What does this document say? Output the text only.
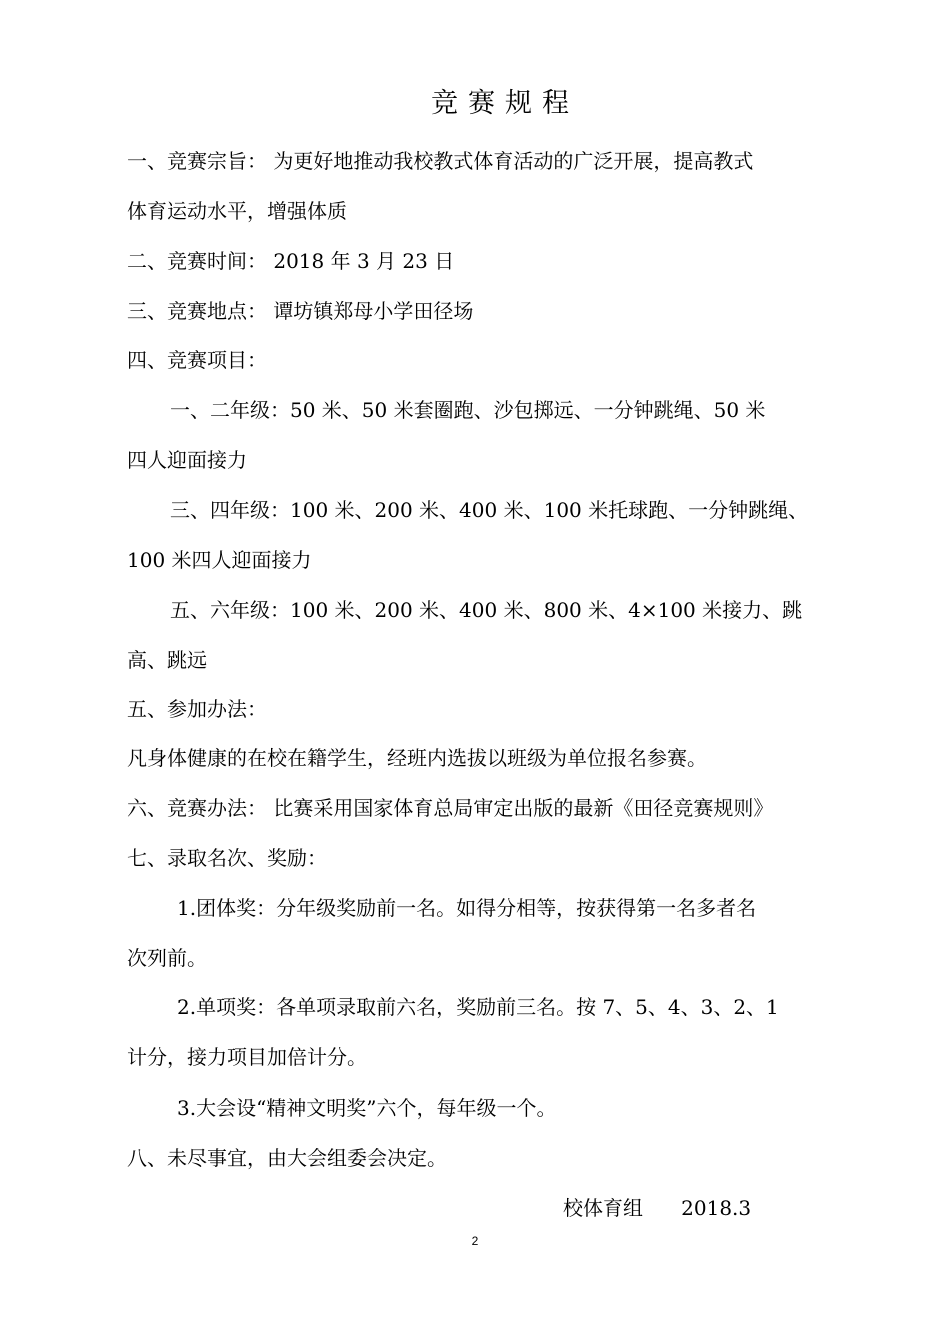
竞赛规程
一、竞赛宗旨： 为更好地推动我校教式体育活动的广泛开展，提高教式
体育运动水平，增强体质
二、竞赛时间： 2018 年 3 月 23 日
三、竞赛地点： 谭坊镇郑母小学田径场
四、竞赛项目：
一、二年级：50 米、50 米套圈跑、沙包掷远、一分钟跳绳、50 米
四人迎面接力
三、四年级：100 米、200 米、400 米、100 米托球跑、一分钟跳绳、
100 米四人迎面接力
五、六年级：100 米、200 米、400 米、800 米、4×100 米接力、跳
高、跳远
五、参加办法：
凡身体健康的在校在籍学生，经班内选拔以班级为单位报名参赛。
六、竞赛办法： 比赛采用国家体育总局审定出版的最新《田径竞赛规则》
七、录取名次、奖励：
1.团体奖：分年级奖励前一名。如得分相等，按获得第一名多者名
次列前。
2.单项奖：各单项录取前六名，奖励前三名。按 7、5、4、3、2、1
计分，接力项目加倍计分。
3.大会设“精神文明奖”六个，每年级一个。
八、未尽事宜，由大会组委会决定。
校体育组      2018.3
2
